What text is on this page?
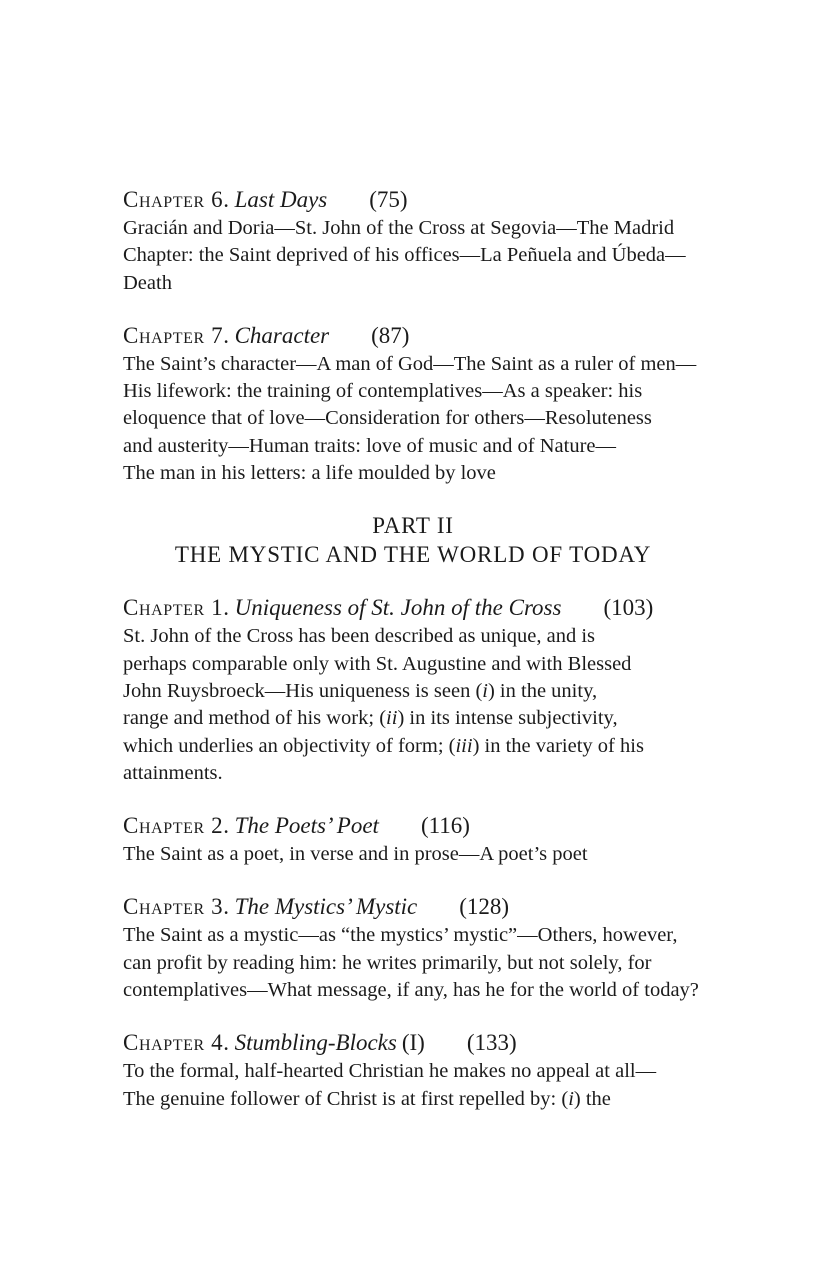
Chapter 6. Last Days (75)
Gracián and Doria—St. John of the Cross at Segovia—The Madrid
Chapter: the Saint deprived of his offices—La Peñuela and Úbeda—
Death
Chapter 7. Character (87)
The Saint’s character—A man of God—The Saint as a ruler of men—
His lifework: the training of contemplatives—As a speaker: his
eloquence that of love—Consideration for others—Resoluteness
and austerity—Human traits: love of music and of Nature—
The man in his letters: a life moulded by love
PART II
THE MYSTIC AND THE WORLD OF TODAY
Chapter 1. Uniqueness of St. John of the Cross (103)
St. John of the Cross has been described as unique, and is
perhaps comparable only with St. Augustine and with Blessed
John Ruysbroeck—His uniqueness is seen (i) in the unity,
range and method of his work; (ii) in its intense subjectivity,
which underlies an objectivity of form; (iii) in the variety of his
attainments.
Chapter 2. The Poets’ Poet (116)
The Saint as a poet, in verse and in prose—A poet’s poet
Chapter 3. The Mystics’ Mystic (128)
The Saint as a mystic—as “the mystics’ mystic”—Others, however,
can profit by reading him: he writes primarily, but not solely, for
contemplatives—What message, if any, has he for the world of today?
Chapter 4. Stumbling-Blocks (I) (133)
To the formal, half-hearted Christian he makes no appeal at all—
The genuine follower of Christ is at first repelled by: (i) the
